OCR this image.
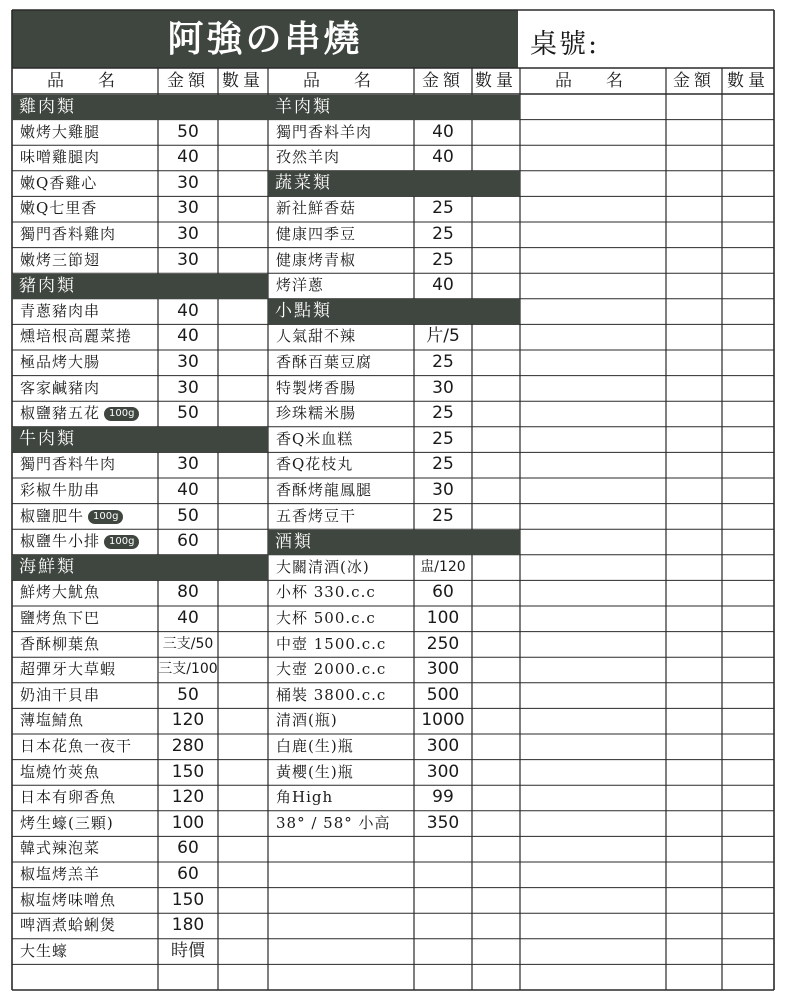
阿強の串燒	桌號:
品名	金額 數量	品名	金額 數量	品名 金額 數量
雞肉類
嫩烤大雞腿	50
味噌雞腿肉	40
嫩Q香雞心	30
嫩Q七里香	30
獨門香料雞肉	30
嫩烤三節翅	30
豬肉類
青蔥豬肉串	40
燻培根高麗菜捲	40
極品烤大腸	30
客家鹹豬肉	30
椒鹽豬五花 100g	50
牛肉類
獨門香料牛肉	30
彩椒牛肋串	40
椒鹽肥牛 100g	50
椒鹽牛小排 100g	60
海鮮類
鮮烤大魷魚	80
鹽烤魚下巴	40
香酥柳葉魚	三支/50
超彈牙大草蝦	三支/100
奶油干貝串	50
薄塩鯖魚	120
日本花魚一夜干	280
塩燒竹莢魚	150
日本有卵香魚	120
烤生蠔(三顆)	100
韓式辣泡菜	60
椒塩烤羔羊	60
椒塩烤味噌魚	150
啤酒煮蛤蜊煲	180
大生蠔	時價
羊肉類
獨門香料羊肉	40
孜然羊肉	40
蔬菜類
新社鮮香菇	25
健康四季豆	25
健康烤青椒	25
烤洋蔥	40
小點類
人氣甜不辣	片/5
香酥百葉豆腐	25
特製烤香腸	30
珍珠糯米腸	25
香Q米血糕	25
香Q花枝丸	25
香酥烤龍鳳腿	30
五香烤豆干	25
酒類
大關清酒(冰)	盅/120
小杯 330.c.c	60
大杯 500.c.c	100
中壺 1500.c.c	250
大壺 2000.c.c	300
桶裝 3800.c.c	500
清酒(瓶)	1000
白鹿(生)瓶	300
黃櫻(生)瓶	300
角High	99
38° / 58° 小高	350
